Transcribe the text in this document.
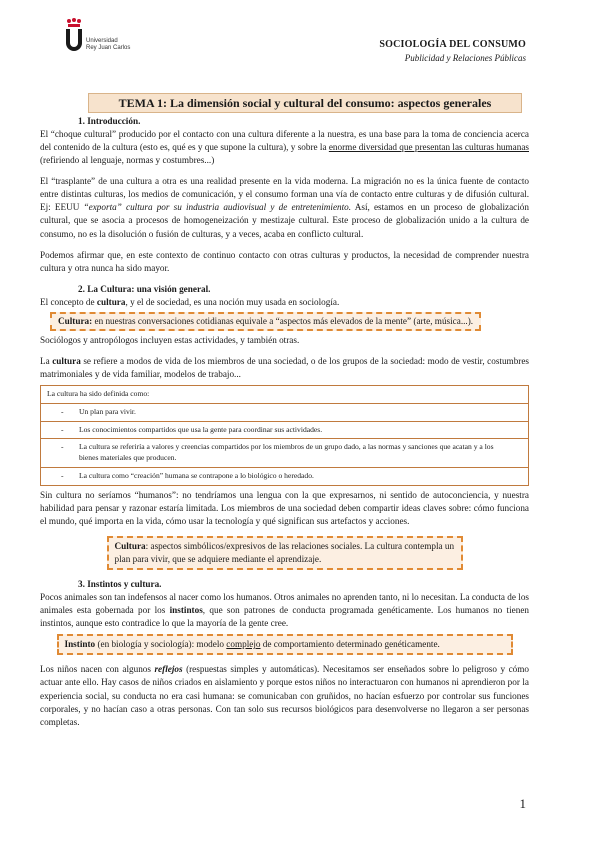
Universidad
Rey Juan Carlos	SOCIOLOGÍA DEL CONSUMO
Publicidad y Relaciones Públicas
TEMA 1: La dimensión social y cultural del consumo: aspectos generales
1. Introducción.

El “choque cultural” producido por el contacto con una cultura diferente a la nuestra, es una base para la toma de conciencia acerca del contenido de la cultura (esto es, qué es y que supone la cultura), y sobre la enorme diversidad que presentan las culturas humanas (refiriendo al lenguaje, normas y costumbres...)

El “trasplante” de una cultura a otra es una realidad presente en la vida moderna. La migración no es la única fuente de contacto entre distintas culturas, los medios de comunicación, y el consumo forman una vía de contacto entre culturas y de difusión cultural. Ej: EEUU “exporta” cultura por su industria audiovisual y de entretenimiento. Así, estamos en un proceso de globalización cultural, que se asocia a procesos de homogeneización y mestizaje cultural. Este proceso de globalización unido a la cultura de consumo, no es la disolución o fusión de culturas, y a veces, acaba en conflicto cultural.

Podemos afirmar que, en este contexto de continuo contacto con otras culturas y productos, la necesidad de comprender nuestra cultura y otra nunca ha sido mayor.

2. La Cultura: una visión general.

El concepto de cultura, y el de sociedad, es una noción muy usada en sociología.

Cultura: en nuestras conversaciones cotidianas equivale a “aspectos más elevados de la mente” (arte, música...).

Sociólogos y antropólogos incluyen estas actividades, y también otras.

La cultura se refiere a modos de vida de los miembros de una sociedad, o de los grupos de la sociedad: modo de vestir, costumbres matrimoniales y de vida familiar, modelos de trabajo...

La cultura ha sido definida como:
- Un plan para vivir.
- Los conocimientos compartidos que usa la gente para coordinar sus actividades.
- La cultura se referiría a valores y creencias compartidos por los miembros de un grupo dado, a las normas y sanciones que acatan y a los bienes materiales que producen.
- La cultura como “creación” humana se contrapone a lo biológico o heredado.

Sin cultura no seríamos “humanos”: no tendríamos una lengua con la que expresarnos, ni sentido de autoconciencia, y nuestra habilidad para pensar y razonar estaría limitada. Los miembros de una sociedad deben compartir ideas claves sobre: cómo funciona el mundo, qué importa en la vida, cómo usar la tecnología y qué significan sus artefactos y acciones.

Cultura: aspectos simbólicos/expresivos de las relaciones sociales. La cultura contempla un plan para vivir, que se adquiere mediante el aprendizaje.
3. Instintos y cultura.

Pocos animales son tan indefensos al nacer como los humanos. Otros animales no aprenden tanto, ni lo necesitan. La conducta de los animales esta gobernada por los instintos, que son patrones de conducta programada genéticamente. Los humanos no tienen instintos, aunque esto contradice lo que la mayoría de la gente cree.

Instinto (en biología y sociología): modelo complejo de comportamiento determinado genéticamente.

Los niños nacen con algunos reflejos (respuestas simples y automáticas). Necesitamos ser enseñados sobre lo peligroso y cómo actuar ante ello. Hay casos de niños criados en aislamiento y porque estos niños no interactuaron con humanos ni aprendieron por la experiencia social, su conducta no era casi humana: se comunicaban con gruñidos, no hacían esfuerzo por controlar sus funciones corporales, y no hacían caso a otras personas. Con tan solo sus recursos biológicos para desenvolverse no llegaron a ser personas completas.

1
